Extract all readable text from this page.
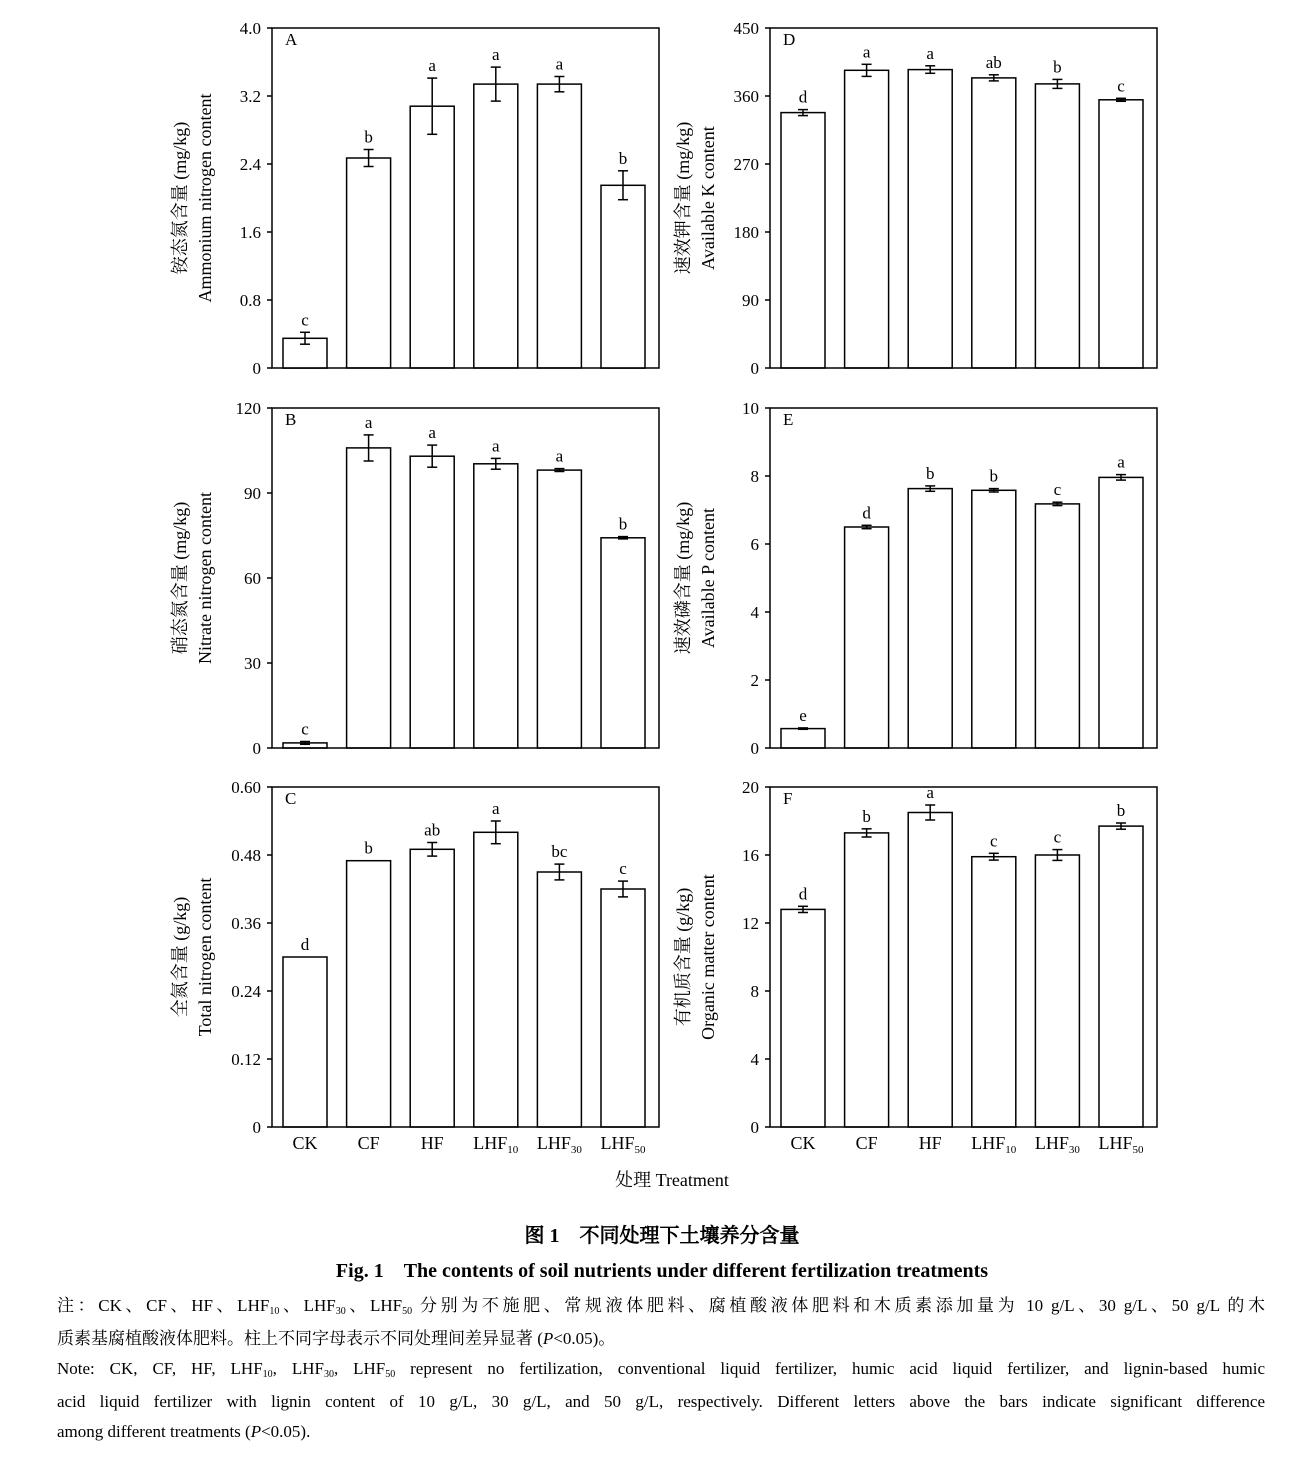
处理 Treatment
c
b
a
a	a
b
0
0.8
1.6
2.4
3.2
4.0
A
铵态氮含量 (mg/kg) Ammonium nitrogen content
c
a
a
a
a
b
0
30
60
90
120
B
硝态氮含量 (mg/kg) Nitrate nitrogen content
d
CK
b
CF
ab
HF
a
$LHF_{10}$
bc
$LHF_{30}$
c
$LHF_{50}$
0
0.12
0.24
0.36
0.48
0.60
C
全氮含量 (g/kg) Total nitrogen content
d
a	a	ab	b
c
0
90
180
270
360
450
D
速效钾含量 (mg/kg) Available K content
e
d
b	b
c
a
0
2
4
6
8
10
E
速效磷含量 (mg/kg) Available P content
d
CK
b
CF
a
HF
c
$LHF_{10}$
c
$LHF_{30}$
b
$LHF_{50}$
0
4
8
12
16
20
F
有机质含量 (g/kg) Organic matter content
图 1 不同处理下土壤养分含量
Fig. 1 The contents of soil nutrients under different fertilization treatments
注：CK、CF、HF、$LHF_{10}$、$LHF_{30}$、$LHF_{50}$ 分别为不施肥、常规液体肥料、腐植酸液体肥料和木质素添加量为 10 g/L、30 g/L、50 g/L 的木
质素基腐植酸液体肥料。柱上不同字母表示不同处理间差异显著 (P<0.05)。
Note: CK, CF, HF, $LHF_{10}$, $LHF_{30}$, $LHF_{50}$ represent no fertilization, conventional liquid fertilizer, humic acid liquid fertilizer, and lignin-based humic
acid liquid fertilizer with lignin content of 10 g/L, 30 g/L, and 50 g/L, respectively. Different letters above the bars indicate significant difference
among different treatments (P<0.05).
